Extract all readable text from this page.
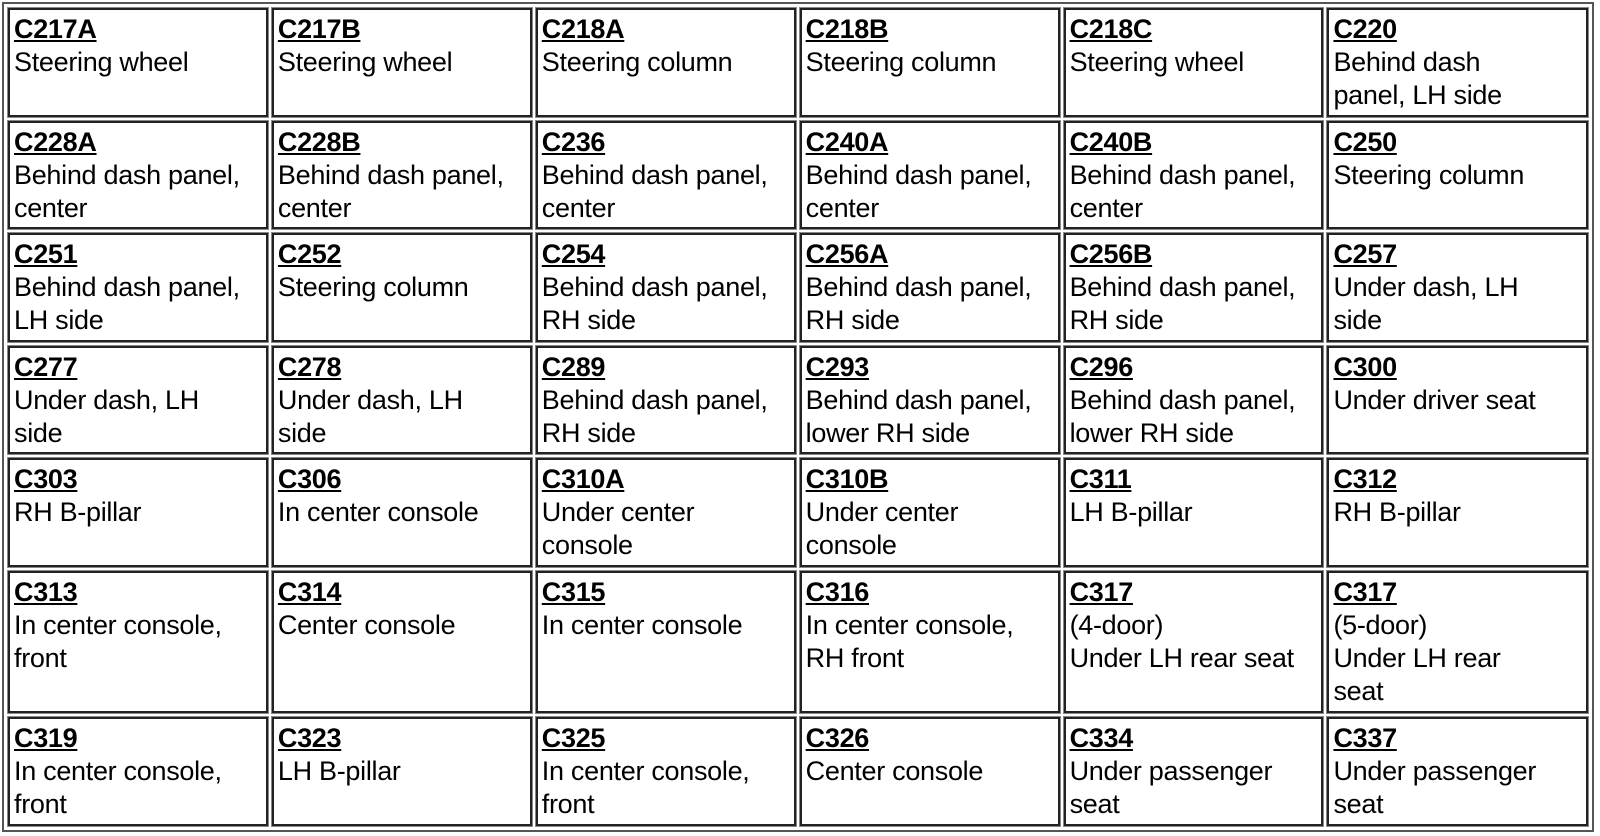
C217A
Steering wheel	C217B
Steering wheel	C218A
Steering column	C218B
Steering column	C218C
Steering wheel	C220
Behind dash
panel, LH side

C228A
Behind dash panel,
center	C228B
Behind dash panel,
center	C236
Behind dash panel,
center	C240A
Behind dash panel,
center	C240B
Behind dash panel,
center	C250
Steering column

C251
Behind dash panel,
LH side	C252
Steering column	C254
Behind dash panel,
RH side	C256A
Behind dash panel,
RH side	C256B
Behind dash panel,
RH side	C257
Under dash, LH
side

C277
Under dash, LH
side	C278
Under dash, LH
side	C289
Behind dash panel,
RH side	C293
Behind dash panel,
lower RH side	C296
Behind dash panel,
lower RH side	C300
Under driver seat

C303
RH B-pillar	C306
In center console	C310A
Under center
console	C310B
Under center
console	C311
LH B-pillar	C312
RH B-pillar

C313
In center console,
front	C314
Center console	C315
In center console	C316
In center console,
RH front	C317
(4-door)
Under LH rear seat	C317
(5-door)
Under LH rear
seat

C319
In center console,
front	C323
LH B-pillar	C325
In center console,
front	C326
Center console	C334
Under passenger
seat	C337
Under passenger
seat
